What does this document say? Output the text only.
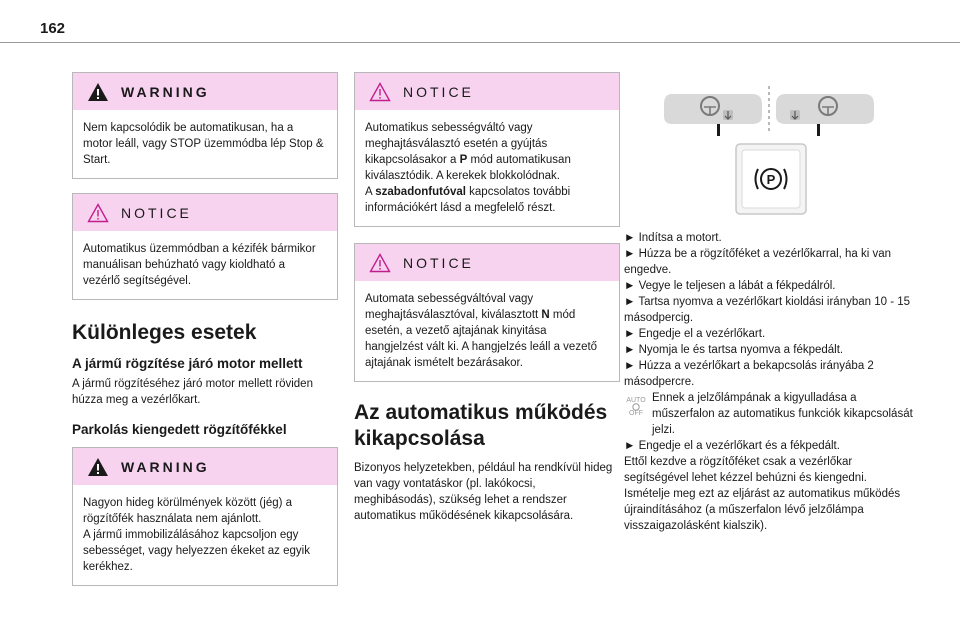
162
WARNING

Nem kapcsolódik be automatikusan, ha a motor leáll, vagy STOP üzemmódba lép Stop & Start.

NOTICE

Automatikus üzemmódban a kézifék bármikor manuálisan behúzható vagy kioldható a vezérlő segítségével.

Különleges esetek
A jármű rögzítése járó motor mellett
A jármű rögzítéséhez járó motor mellett röviden húzza meg a vezérlőkart.
Parkolás kiengedett rögzítőfékkel
WARNING

Nagyon hideg körülmények között (jég) a rögzítőfék használata nem ajánlott.

A jármű immobilizálásához kapcsoljon egy sebességet, vagy helyezzen ékeket az egyik kerékhez.

NOTICE

Automatikus sebességváltó vagy meghajtásválasztó esetén a gyújtás kikapcsolásakor a P mód automatikusan kiválasztódik. A kerekek blokkolódnak.

A szabadonfutóval kapcsolatos további információkért lásd a megfelelő részt.

NOTICE

Automata sebességváltóval vagy meghajtásválasztóval, kiválasztott N mód esetén, a vezető ajtajának kinyitása hangjelzést vált ki. A hangjelzés leáll a vezető ajtajának ismételt bezárásakor.

Az automatikus működés kikapcsolása
Bizonyos helyzetekben, például ha rendkívül hideg van vagy vontatáskor (pl. lakókocsi, meghibásodás), szükség lehet a rendszer automatikus működésének kikapcsolására.
P
► Indítsa a motort.
► Húzza be a rögzítőféket a vezérlőkarral, ha ki van engedve.
► Vegye le teljesen a lábát a fékpedálról.
► Tartsa nyomva a vezérlőkart kioldási irányban 10 - 15 másodpercig.
► Engedje el a vezérlőkart.
► Nyomja le és tartsa nyomva a fékpedált.
► Húzza a vezérlőkart a bekapcsolás irányába 2 másodpercre.
AUTO
OFF
Ennek a jelzőlámpának a kigyulladása a műszerfalon az automatikus funkciók kikapcsolását jelzi.
► Engedje el a vezérlőkart és a fékpedált.
Ettől kezdve a rögzítőféket csak a vezérlőkar segítségével lehet kézzel behúzni és kiengedni. Ismételje meg ezt az eljárást az automatikus működés újraindításához (a műszerfalon lévő jelzőlámpa visszaigazolásként kialszik).
